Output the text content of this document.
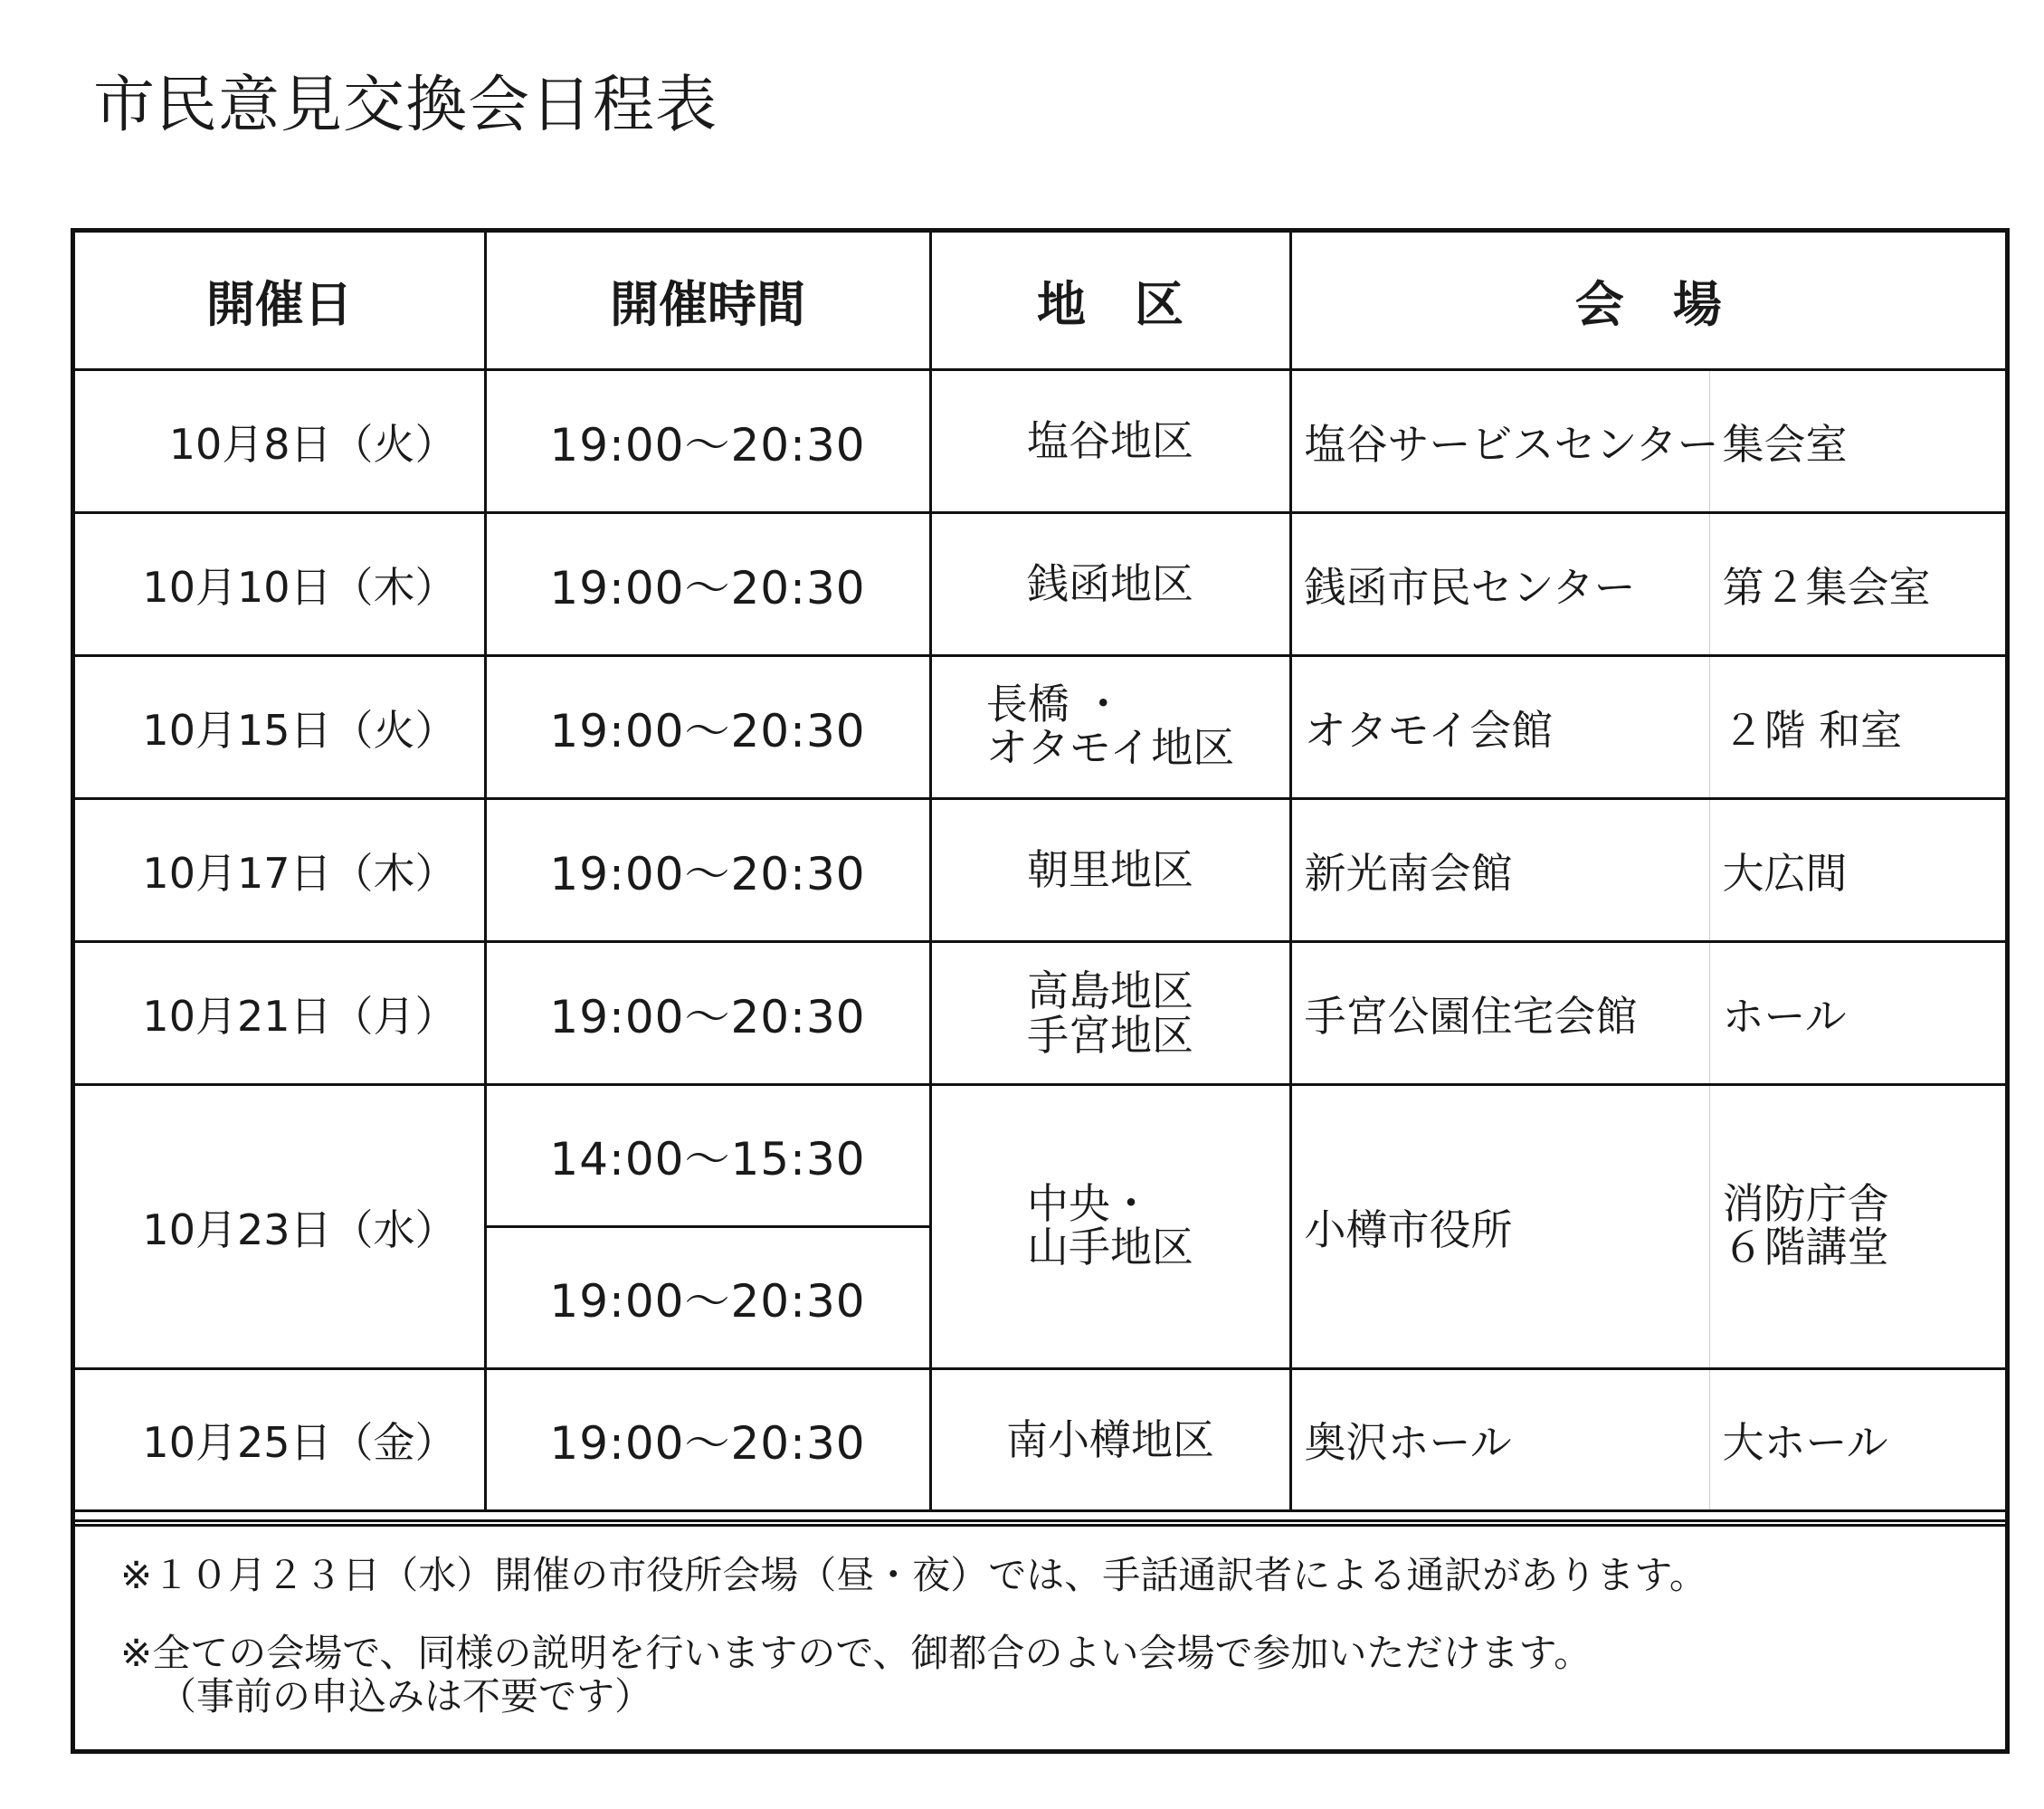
市民意見交換会日程表
開催日	開催時間	地　区	会　場	
10月8日（火）	19:00～20:30	塩谷地区	塩谷サービスセンター	集会室
10月10日（木）	19:00～20:30	銭函地区	銭函市民センター	第２集会室
10月15日（火）	19:00～20:30	長橋 ・
オタモイ地区	オタモイ会館	２階 和室
10月17日（木）	19:00～20:30	朝里地区	新光南会館	大広間
10月21日（月）	19:00～20:30	高島地区
手宮地区	手宮公園住宅会館	ホール
10月23日（水）	14:00～15:30	中央・
山手地区	小樽市役所	消防庁舎
６階講堂

	19:00～20:30			
10月25日（金）	19:00～20:30	南小樽地区	奥沢ホール	大ホール
※１０月２３日（水）開催の市役所会場（昼・夜）では、手話通訳者による通訳があります。
※全ての会場で、同様の説明を行いますので、御都合のよい会場で参加いただけます。
（事前の申込みは不要です）
